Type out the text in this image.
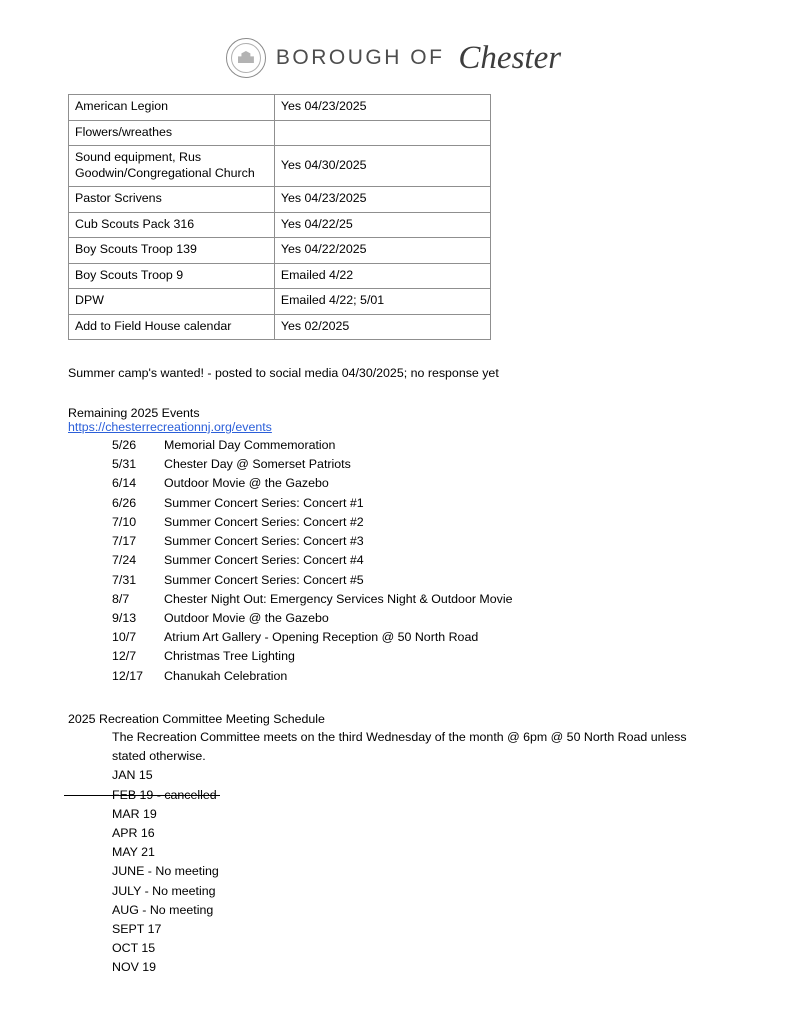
BOROUGH OF Chester
American Legion	Yes 04/23/2025
Flowers/wreathes	
Sound equipment, Rus Goodwin/Congregational Church	Yes 04/30/2025
Pastor Scrivens	Yes 04/23/2025
Cub Scouts Pack 316	Yes 04/22/25
Boy Scouts Troop 139	Yes 04/22/2025
Boy Scouts Troop 9	Emailed 4/22
DPW	Emailed 4/22; 5/01
Add to Field House calendar	Yes 02/2025

Summer camp's wanted! - posted to social media 04/30/2025; no response yet

Remaining 2025 Events
https://chesterrecreationnj.org/events
5/26	Memorial Day Commemoration
5/31	Chester Day @ Somerset Patriots
6/14	Outdoor Movie @ the Gazebo
6/26	Summer Concert Series: Concert #1
7/10	Summer Concert Series: Concert #2
7/17	Summer Concert Series: Concert #3
7/24	Summer Concert Series: Concert #4
7/31	Summer Concert Series: Concert #5
8/7	Chester Night Out: Emergency Services Night & Outdoor Movie
9/13	Outdoor Movie @ the Gazebo
10/7	Atrium Art Gallery - Opening Reception @ 50 North Road
12/7	Christmas Tree Lighting
12/17	Chanukah Celebration
2025 Recreation Committee Meeting Schedule

The Recreation Committee meets on the third Wednesday of the month @ 6pm @ 50 North Road unless stated otherwise.

JAN 15
FEB 19 - cancelled
MAR 19
APR 16
MAY 21
JUNE - No meeting
JULY - No meeting
AUG - No meeting
SEPT 17
OCT 15
NOV 19
